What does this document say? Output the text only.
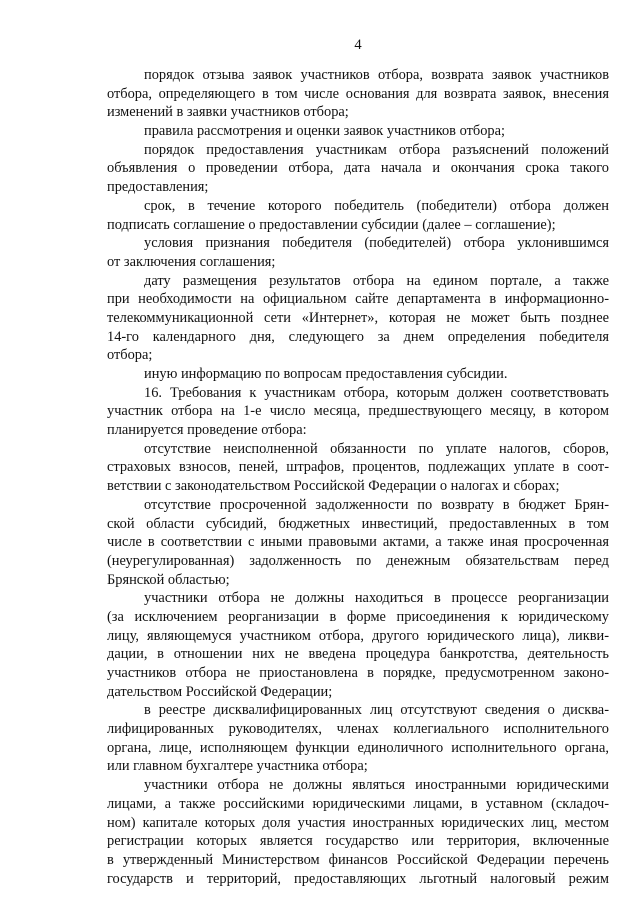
4
порядок отзыва заявок участников отбора, возврата заявок участников
отбора, определяющего в том числе основания для возврата заявок, внесения
изменений в заявки участников отбора;
правила рассмотрения и оценки заявок участников отбора;
порядок предоставления участникам отбора разъяснений положений
объявления о проведении отбора, дата начала и окончания срока такого
предоставления;
срок, в течение которого победитель (победители) отбора должен
подписать соглашение о предоставлении субсидии (далее – соглашение);
условия признания победителя (победителей) отбора уклонившимся
от заключения соглашения;
дату размещения результатов отбора на едином портале, а также
при необходимости на официальном сайте департамента в информационно-
телекоммуникационной сети «Интернет», которая не может быть позднее
14-го календарного дня, следующего за днем определения победителя
отбора;
иную информацию по вопросам предоставления субсидии.
16. Требования к участникам отбора, которым должен соответствовать
участник отбора на 1-е число месяца, предшествующего месяцу, в котором
планируется проведение отбора:
отсутствие неисполненной обязанности по уплате налогов, сборов,
страховых взносов, пеней, штрафов, процентов, подлежащих уплате в соот-
ветствии с законодательством Российской Федерации о налогах и сборах;
отсутствие просроченной задолженности по возврату в бюджет Брян-
ской области субсидий, бюджетных инвестиций, предоставленных в том
числе в соответствии с иными правовыми актами, а также иная просроченная
(неурегулированная) задолженность по денежным обязательствам перед
Брянской областью;
участники отбора не должны находиться в процессе реорганизации
(за исключением реорганизации в форме присоединения к юридическому
лицу, являющемуся участником отбора, другого юридического лица), ликви-
дации, в отношении них не введена процедура банкротства, деятельность
участников отбора не приостановлена в порядке, предусмотренном законо-
дательством Российской Федерации;
в реестре дисквалифицированных лиц отсутствуют сведения о дисква-
лифицированных руководителях, членах коллегиального исполнительного
органа, лице, исполняющем функции единоличного исполнительного органа,
или главном бухгалтере участника отбора;
участники отбора не должны являться иностранными юридическими
лицами, а также российскими юридическими лицами, в уставном (складоч-
ном) капитале которых доля участия иностранных юридических лиц, местом
регистрации которых является государство или территория, включенные
в утвержденный Министерством финансов Российской Федерации перечень
государств и территорий, предоставляющих льготный налоговый режим
